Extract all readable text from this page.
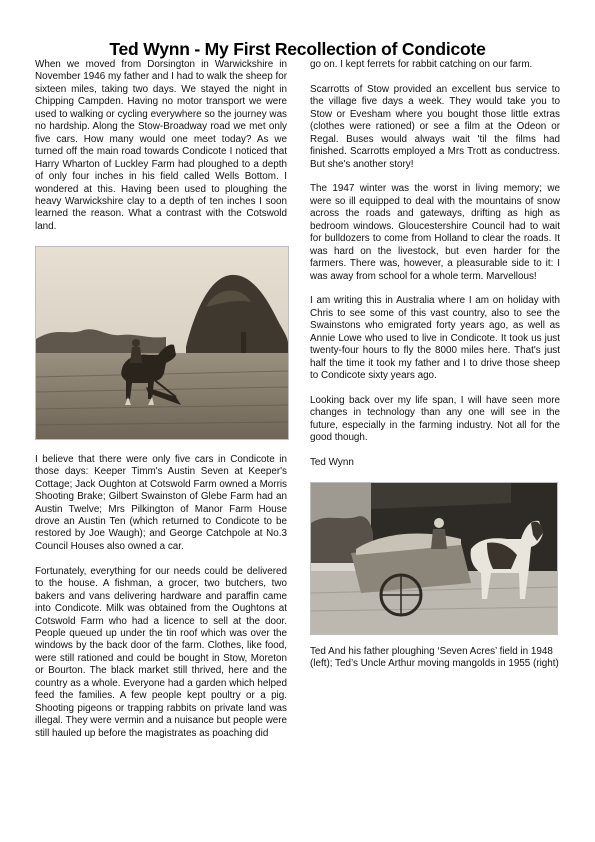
Ted Wynn - My First Recollection of Condicote

When we moved from Dorsington in Warwickshire in November 1946 my father and I had to walk the sheep for sixteen miles, taking two days. We stayed the night in Chipping Campden. Having no motor transport we were used to walking or cycling everywhere so the journey was no hardship. Along the Stow-Broadway road we met only five cars. How many would one meet today? As we turned off the main road towards Condicote I noticed that Harry Wharton of Luckley Farm had ploughed to a depth of only four inches in his field called Wells Bottom. I wondered at this. Having been used to ploughing the heavy Warwickshire clay to a depth of ten inches I soon learned the reason. What a contrast with the Cotswold land.

I believe that there were only five cars in Condicote in those days: Keeper Timm's Austin Seven at Keeper's Cottage; Jack Oughton at Cotswold Farm owned a Morris Shooting Brake; Gilbert Swainston of Glebe Farm had an Austin Twelve; Mrs Pilkington of Manor Farm House drove an Austin Ten (which returned to Condicote to be restored by Joe Waugh); and George Catchpole at No.3 Council Houses also owned a car.

Fortunately, everything for our needs could be delivered to the house. A fishman, a grocer, two butchers, two bakers and vans delivering hardware and paraffin came into Condicote. Milk was obtained from the Oughtons at Cotswold Farm who had a licence to sell at the door. People queued up under the tin roof which was over the windows by the back door of the farm. Clothes, like food, were still rationed and could be bought in Stow, Moreton or Bourton. The black market still thrived, here and the country as a whole. Everyone had a garden which helped feed the families. A few people kept poultry or a pig. Shooting pigeons or trapping rabbits on private land was illegal. They were vermin and a nuisance but people were still hauled up before the magistrates as poaching did

go on. I kept ferrets for rabbit catching on our farm.

Scarrotts of Stow provided an excellent bus service to the village five days a week. They would take you to Stow or Evesham where you bought those little extras (clothes were rationed) or see a film at the Odeon or Regal. Buses would always wait 'til the films had finished. Scarrotts employed a Mrs Trott as conductress. But she's another story!

The 1947 winter was the worst in living memory; we were so ill equipped to deal with the mountains of snow across the roads and gateways, drifting as high as bedroom windows. Gloucestershire Council had to wait for bulldozers to come from Holland to clear the roads. It was hard on the livestock, but even harder for the farmers. There was, however, a pleasurable side to it: I was away from school for a whole term. Marvellous!

I am writing this in Australia where I am on holiday with Chris to see some of this vast country, also to see the Swainstons who emigrated forty years ago, as well as Annie Lowe who used to live in Condicote. It took us just twenty-four hours to fly the 8000 miles here. That's just half the time it took my father and I to drive those sheep to Condicote sixty years ago.

Looking back over my life span, I will have seen more changes in technology than any one will see in the future, especially in the farming industry. Not all for the good though.

Ted Wynn

Ted And his father ploughing ‘Seven Acres’ field in 1948 (left); Ted’s Uncle Arthur moving mangolds in 1955 (right)
